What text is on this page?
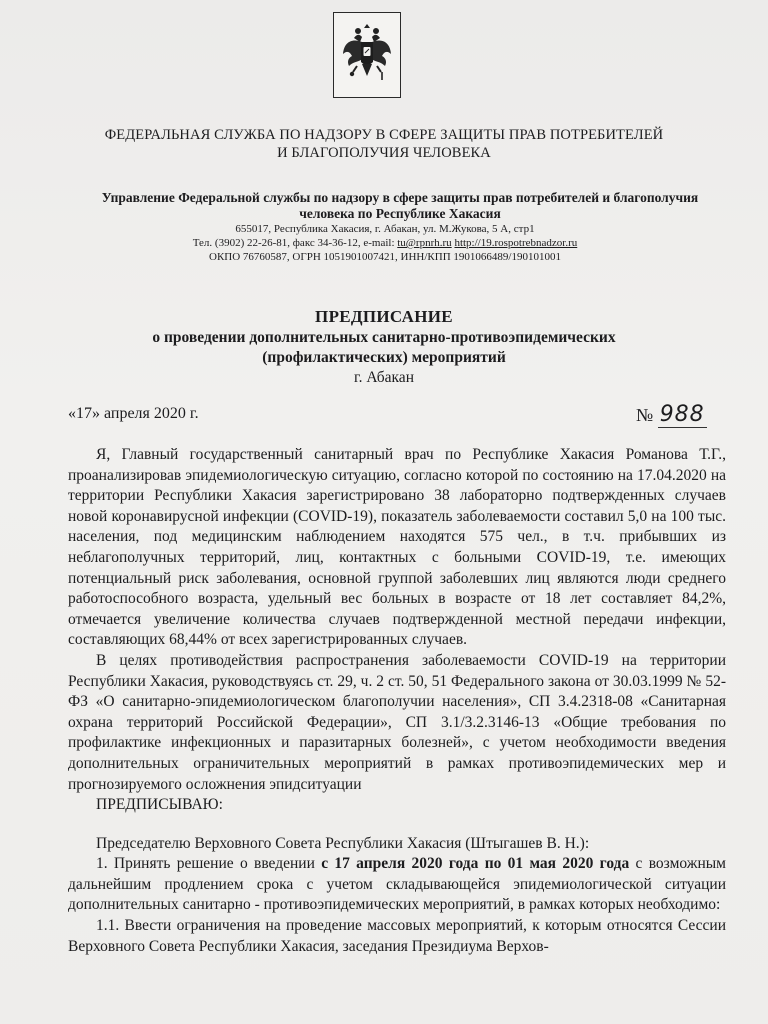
ФЕДЕРАЛЬНАЯ СЛУЖБА ПО НАДЗОРУ В СФЕРЕ ЗАЩИТЫ ПРАВ ПОТРЕБИТЕЛЕЙ
И БЛАГОПОЛУЧИЯ ЧЕЛОВЕКА
Управление Федеральной службы по надзору в сфере защиты прав потребителей и благополучия
человека по Республике Хакасия
655017, Республика Хакасия, г. Абакан, ул. М.Жукова, 5 А, стр1
Тел. (3902) 22-26-81, факс 34-36-12, e-mail: tu@rpnrh.ru http://19.rospotrebnadzor.ru
ОКПО 76760587, ОГРН 1051901007421, ИНН/КПП 1901066489/190101001
ПРЕДПИСАНИЕ
о проведении дополнительных санитарно-противоэпидемических
(профилактических) мероприятий
г. Абакан
«17» апреля 2020 г.	№ 988

Я, Главный государственный санитарный врач по Республике Хакасия Романова Т.Г., проанализировав эпидемиологическую ситуацию, согласно которой по состоянию на 17.04.2020 на территории Республики Хакасия зарегистрировано 38 лабораторно подтвержденных случаев новой коронавирусной инфекции (COVID-19), показатель заболеваемости составил 5,0 на 100 тыс. населения, под медицинским наблюдением находятся 575 чел., в т.ч. прибывших из неблагополучных территорий, лиц, контактных с больными COVID-19, т.е. имеющих потенциальный риск заболевания, основной группой заболевших лиц являются люди среднего работоспособного возраста, удельный вес больных в возрасте от 18 лет составляет 84,2%, отмечается увеличение количества случаев подтвержденной местной передачи инфекции, составляющих 68,44% от всех зарегистрированных случаев.

В целях противодействия распространения заболеваемости COVID-19 на территории Республики Хакасия, руководствуясь ст. 29, ч. 2 ст. 50, 51 Федерального закона от 30.03.1999 № 52-ФЗ «О санитарно-эпидемиологическом благополучии населения», СП 3.4.2318-08 «Санитарная охрана территорий Российской Федерации», СП 3.1/3.2.3146-13 «Общие требования по профилактике инфекционных и паразитарных болезней», с учетом необходимости введения дополнительных ограничительных мероприятий в рамках противоэпидемических мер и прогнозируемого осложнения эпидситуации

ПРЕДПИСЫВАЮ:

Председателю Верховного Совета Республики Хакасия (Штыгашев В. Н.):

1. Принять решение о введении с 17 апреля 2020 года по 01 мая 2020 года с возможным дальнейшим продлением срока с учетом складывающейся эпидемиологической ситуации дополнительных санитарно - противоэпидемических мероприятий, в рамках которых необходимо:

1.1. Ввести ограничения на проведение массовых мероприятий, к которым относятся Сессии Верховного Совета Республики Хакасия, заседания Президиума Верхов-
